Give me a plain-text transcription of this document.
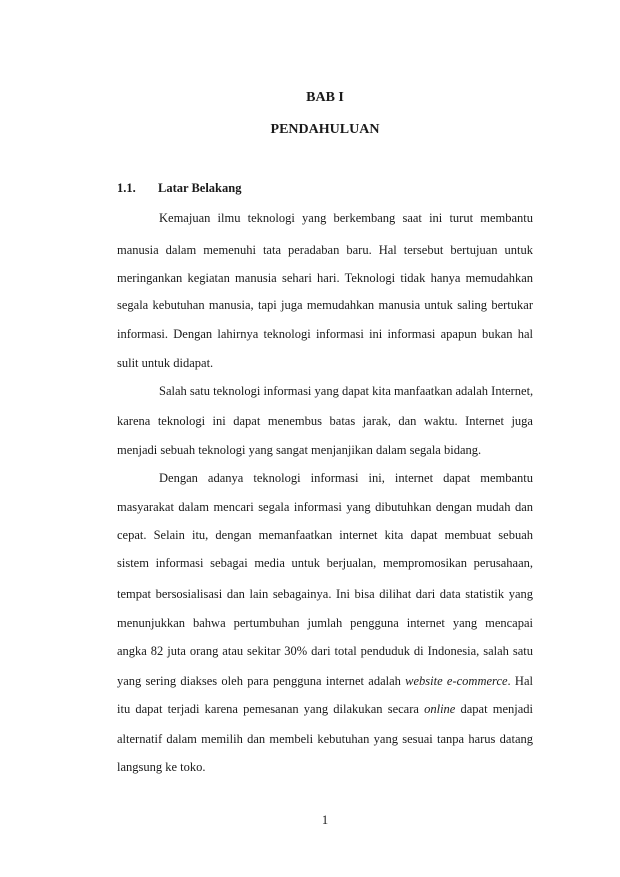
BAB I
PENDAHULUAN
1.1. Latar Belakang
Kemajuan ilmu teknologi yang berkembang saat ini turut membantu
manusia dalam memenuhi tata peradaban baru. Hal tersebut bertujuan untuk
meringankan kegiatan manusia sehari hari. Teknologi tidak hanya memudahkan
segala kebutuhan manusia, tapi juga memudahkan manusia untuk saling bertukar
informasi. Dengan lahirnya teknologi informasi ini informasi apapun bukan hal
sulit untuk didapat.
Salah satu teknologi informasi yang dapat kita manfaatkan adalah Internet,
karena teknologi ini dapat menembus batas jarak, dan waktu. Internet juga
menjadi sebuah teknologi yang sangat menjanjikan dalam segala bidang.
Dengan adanya teknologi informasi ini, internet dapat membantu
masyarakat dalam mencari segala informasi yang dibutuhkan dengan mudah dan
cepat. Selain itu, dengan memanfaatkan internet kita dapat membuat sebuah
sistem informasi sebagai media untuk berjualan, mempromosikan perusahaan,
tempat bersosialisasi dan lain sebagainya. Ini bisa dilihat dari data statistik yang
menunjukkan bahwa pertumbuhan jumlah pengguna internet yang mencapai
angka 82 juta orang atau sekitar 30% dari total penduduk di Indonesia, salah satu
yang sering diakses oleh para pengguna internet adalah website e-commerce. Hal
itu dapat terjadi karena pemesanan yang dilakukan secara online dapat menjadi
alternatif dalam memilih dan membeli kebutuhan yang sesuai tanpa harus datang
langsung ke toko.
1
